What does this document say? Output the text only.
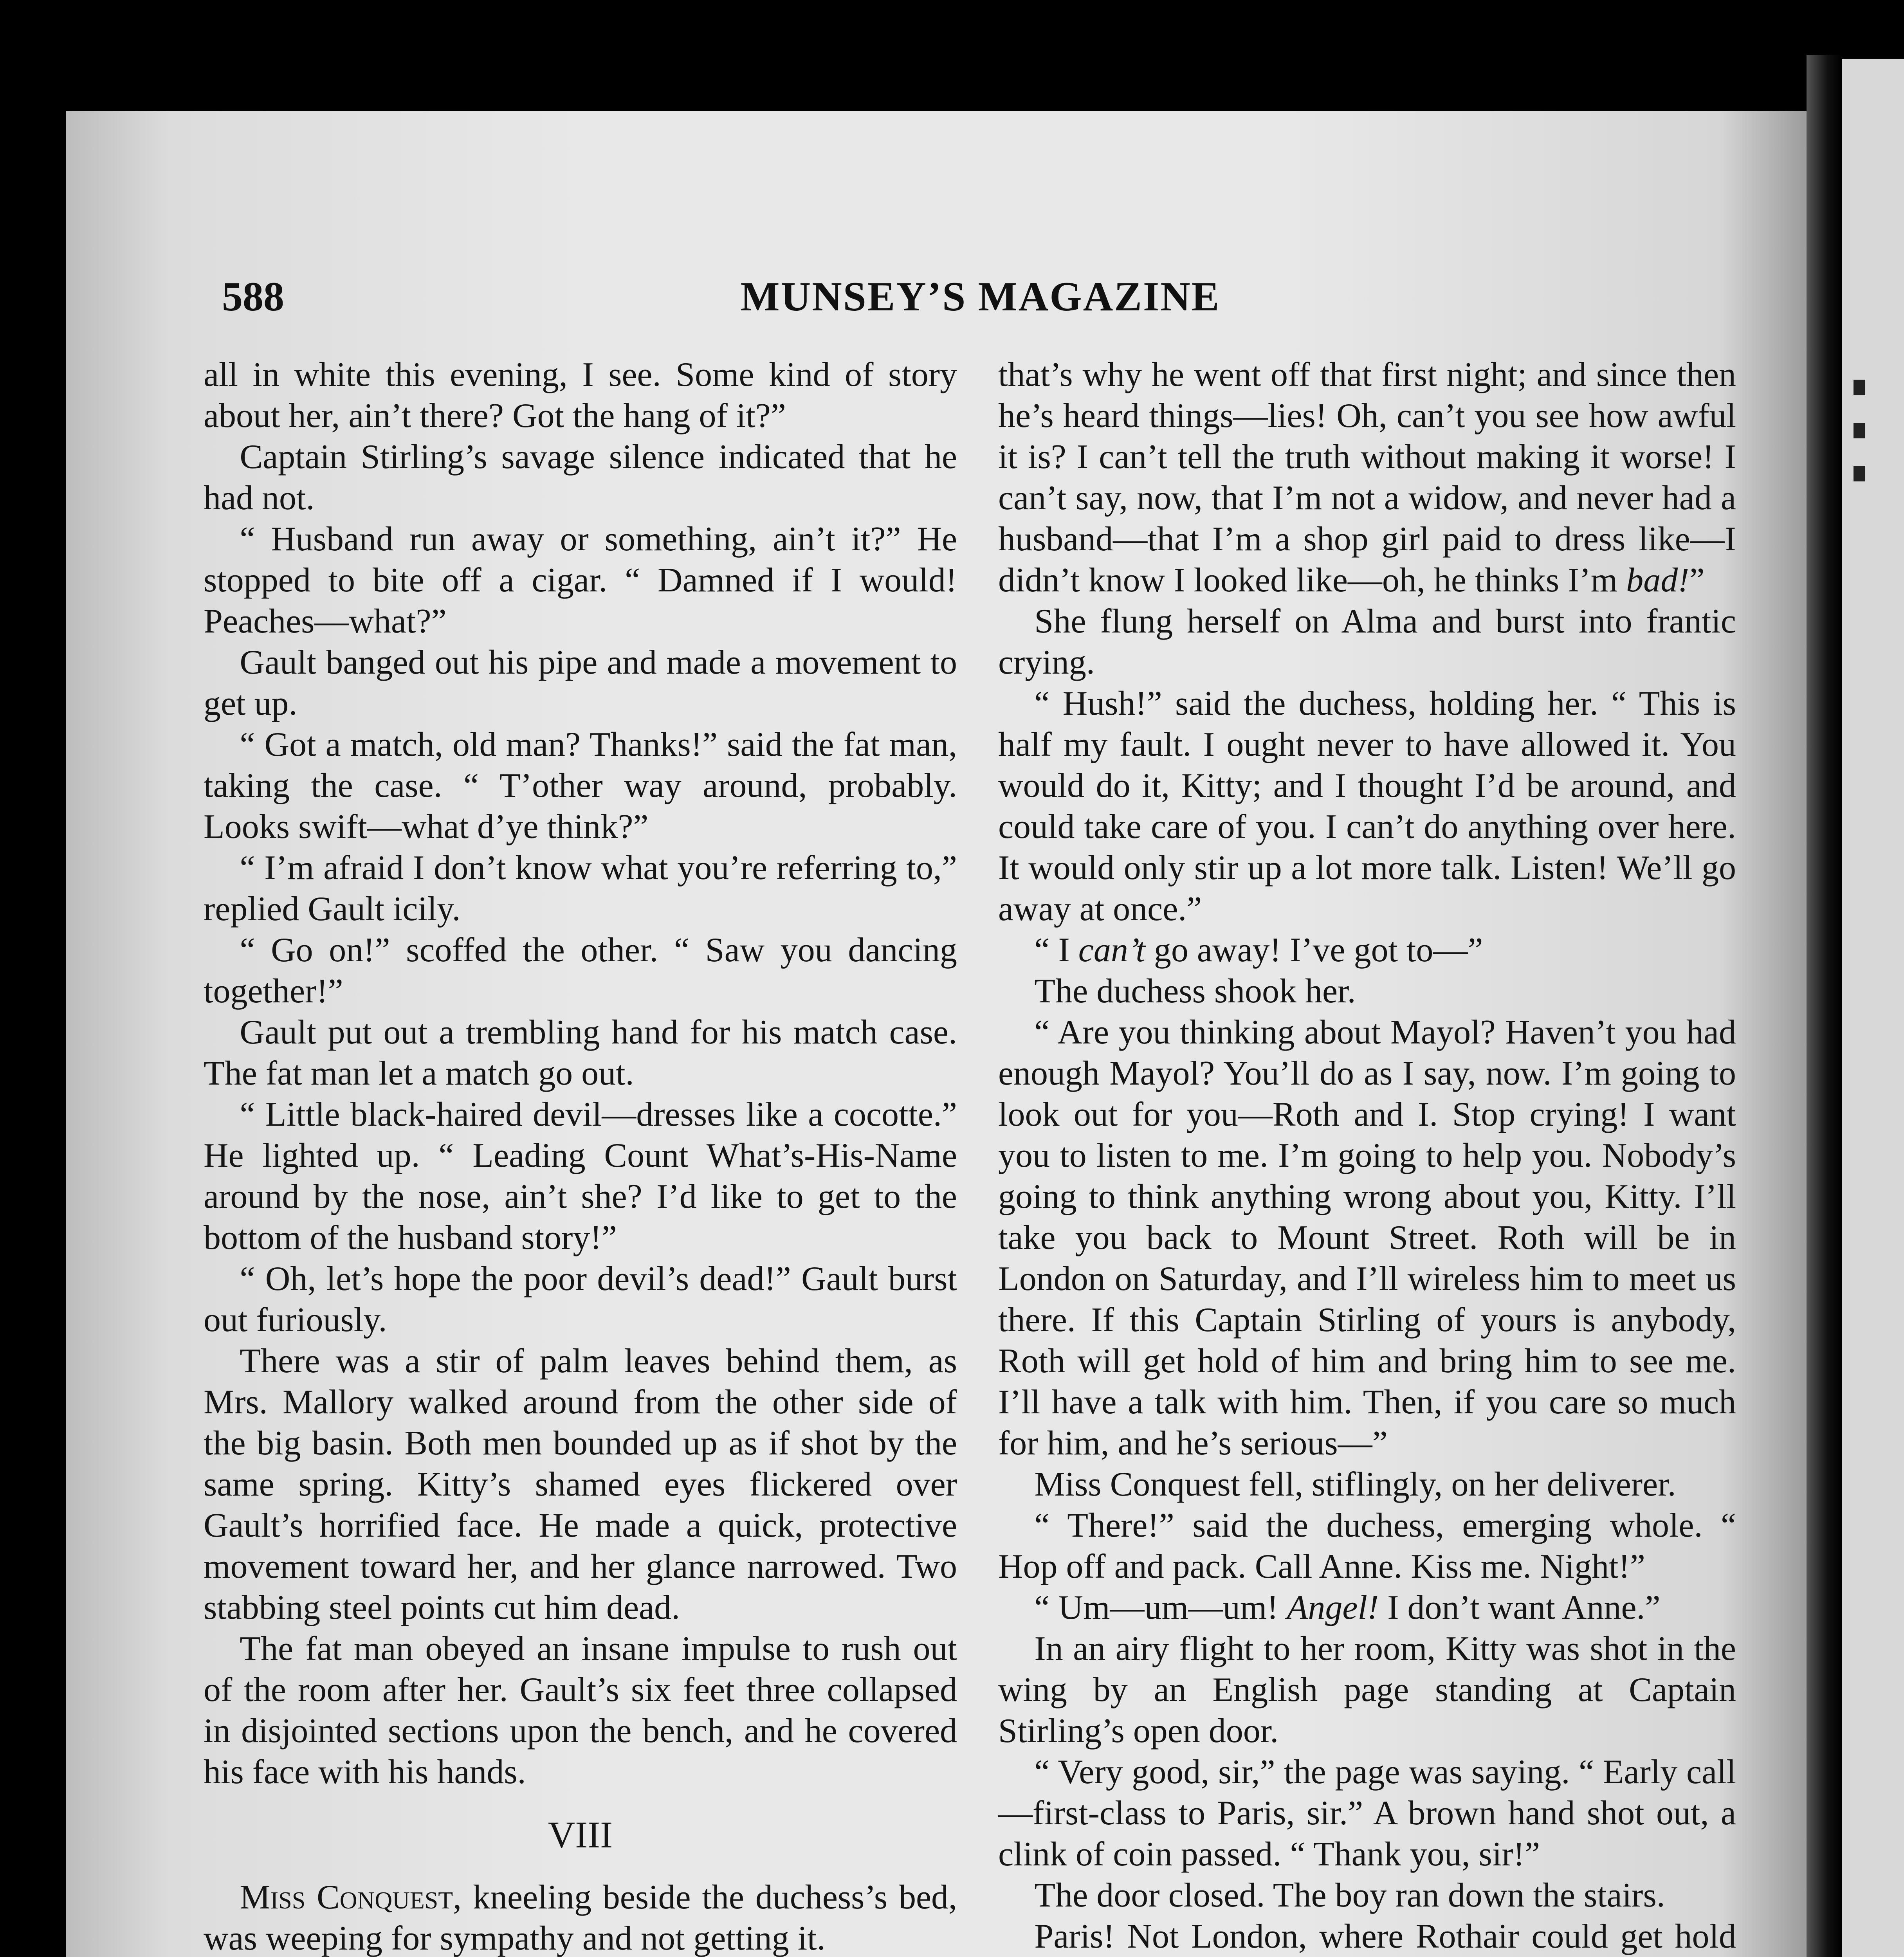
588	MUNSEY’S MAGAZINE

all in white this evening, I see. Some kind of story about her, ain’t there? Got the hang of it?”

Captain Stirling’s savage silence indicated that he had not.

“ Husband run away or something, ain’t it?” He stopped to bite off a cigar. “ Damned if I would! Peaches—what?”

Gault banged out his pipe and made a movement to get up.

“ Got a match, old man? Thanks!” said the fat man, taking the case. “ T’other way around, probably. Looks swift—what d’ye think?”

“ I’m afraid I don’t know what you’re referring to,” replied Gault icily.

“ Go on!” scoffed the other. “ Saw you dancing together!”

Gault put out a trembling hand for his match case. The fat man let a match go out.

“ Little black-haired devil—dresses like a cocotte.” He lighted up. “ Leading Count What’s-His-Name around by the nose, ain’t she? I’d like to get to the bottom of the husband story!”

“ Oh, let’s hope the poor devil’s dead!” Gault burst out furiously.

There was a stir of palm leaves behind them, as Mrs. Mallory walked around from the other side of the big basin. Both men bounded up as if shot by the same spring. Kitty’s shamed eyes flickered over Gault’s horrified face. He made a quick, protective movement toward her, and her glance narrowed. Two stabbing steel points cut him dead.

The fat man obeyed an insane impulse to rush out of the room after her. Gault’s six feet three collapsed in disjointed sections upon the bench, and he covered his face with his hands.

VIII

Miss Conquest, kneeling beside the duchess’s bed, was weeping for sympathy and not getting it.

that’s why he went off that first night; and since then he’s heard things—lies! Oh, can’t you see how awful it is? I can’t tell the truth without making it worse! I can’t say, now, that I’m not a widow, and never had a husband—that I’m a shop girl paid to dress like—I didn’t know I looked like—oh, he thinks I’m bad!”

She flung herself on Alma and burst into frantic crying.

“ Hush!” said the duchess, holding her. “ This is half my fault. I ought never to have allowed it. You would do it, Kitty; and I thought I’d be around, and could take care of you. I can’t do anything over here. It would only stir up a lot more talk. Listen! We’ll go away at once.”

“ I can’t go away! I’ve got to—”

The duchess shook her.

“ Are you thinking about Mayol? Haven’t you had enough Mayol? You’ll do as I say, now. I’m going to look out for you—Roth and I. Stop crying! I want you to listen to me. I’m going to help you. Nobody’s going to think anything wrong about you, Kitty. I’ll take you back to Mount Street. Roth will be in London on Saturday, and I’ll wireless him to meet us there. If this Captain Stirling of yours is anybody, Roth will get hold of him and bring him to see me. I’ll have a talk with him. Then, if you care so much for him, and he’s serious—”

Miss Conquest fell, stiflingly, on her deliverer.

“ There!” said the duchess, emerging whole. “ Hop off and pack. Call Anne. Kiss me. Night!”

“ Um—um—um! Angel! I don’t want Anne.”

In an airy flight to her room, Kitty was shot in the wing by an English page standing at Captain Stirling’s open door.

“ Very good, sir,” the page was saying. “ Early call—first-class to Paris, sir.” A brown hand shot out, a clink of coin passed. “ Thank you, sir!”

The door closed. The boy ran down the stairs.

Paris! Not London, where Rothair could get hold
